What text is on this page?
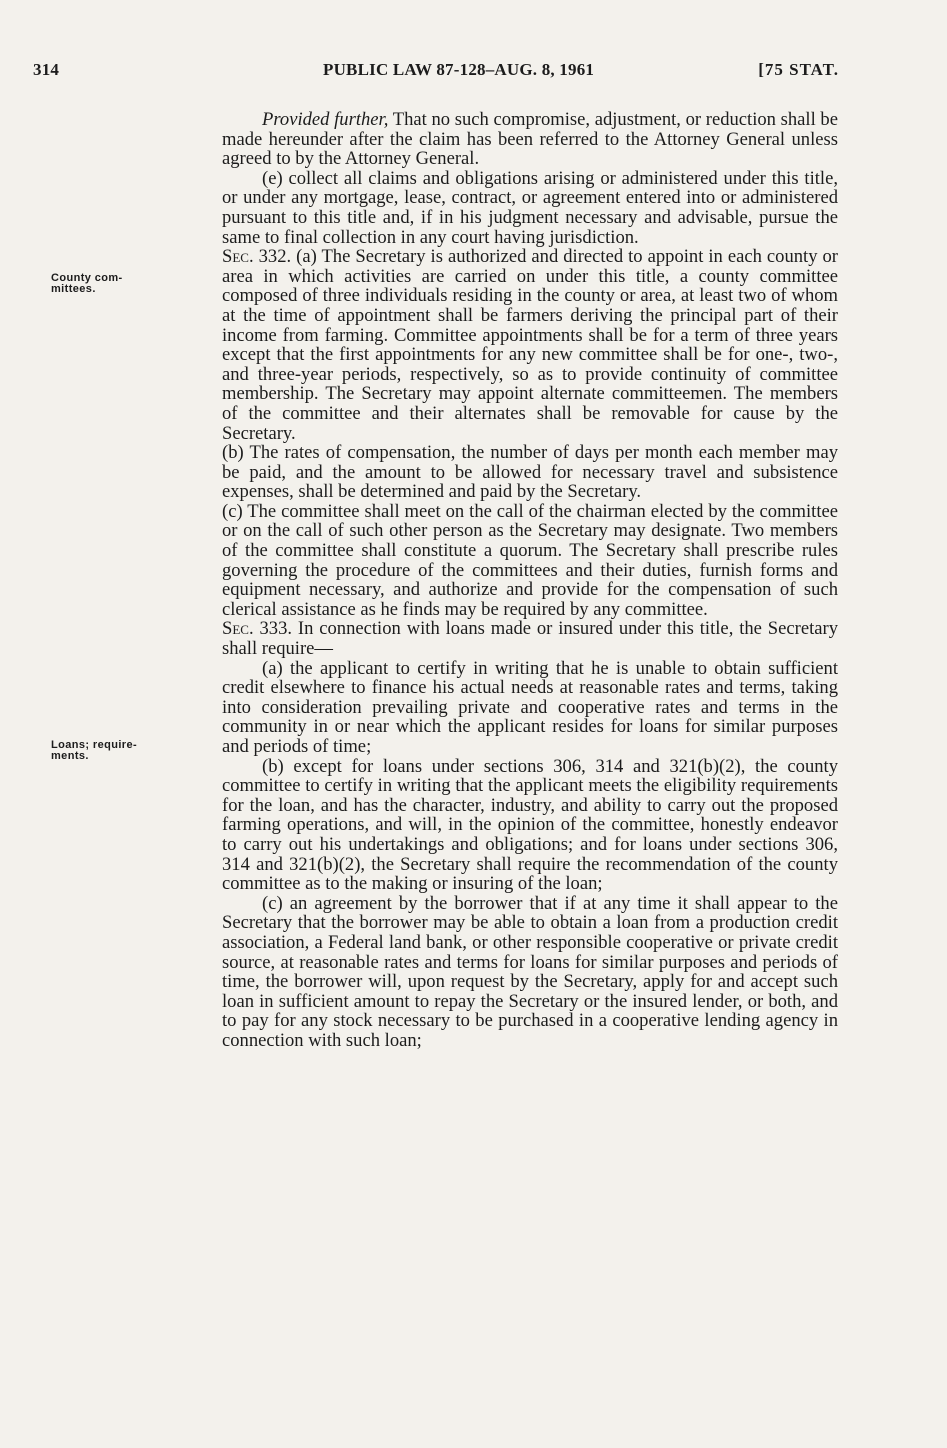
314	PUBLIC LAW 87-128–AUG. 8, 1961	[75 STAT.
County com-
mittees.
Loans; require-
ments.

Provided further, That no such compromise, adjustment, or reduction shall be made hereunder after the claim has been referred to the Attorney General unless agreed to by the Attorney General.

(e) collect all claims and obligations arising or administered under this title, or under any mortgage, lease, contract, or agreement entered into or administered pursuant to this title and, if in his judgment necessary and advisable, pursue the same to final collection in any court having jurisdiction.

Sec. 332. (a) The Secretary is authorized and directed to appoint in each county or area in which activities are carried on under this title, a county committee composed of three individuals residing in the county or area, at least two of whom at the time of appointment shall be farmers deriving the principal part of their income from farming. Committee appointments shall be for a term of three years except that the first appointments for any new committee shall be for one-, two-, and three-year periods, respectively, so as to provide continuity of committee membership. The Secretary may appoint alternate committeemen. The members of the committee and their alternates shall be removable for cause by the Secretary.

(b) The rates of compensation, the number of days per month each member may be paid, and the amount to be allowed for necessary travel and subsistence expenses, shall be determined and paid by the Secretary.

(c) The committee shall meet on the call of the chairman elected by the committee or on the call of such other person as the Secretary may designate. Two members of the committee shall constitute a quorum. The Secretary shall prescribe rules governing the procedure of the committees and their duties, furnish forms and equipment necessary, and authorize and provide for the compensation of such clerical assistance as he finds may be required by any committee.

Sec. 333. In connection with loans made or insured under this title, the Secretary shall require—

(a) the applicant to certify in writing that he is unable to obtain sufficient credit elsewhere to finance his actual needs at reasonable rates and terms, taking into consideration prevailing private and cooperative rates and terms in the community in or near which the applicant resides for loans for similar purposes and periods of time;

(b) except for loans under sections 306, 314 and 321(b)(2), the county committee to certify in writing that the applicant meets the eligibility requirements for the loan, and has the character, industry, and ability to carry out the proposed farming operations, and will, in the opinion of the committee, honestly endeavor to carry out his undertakings and obligations; and for loans under sections 306, 314 and 321(b)(2), the Secretary shall require the recommendation of the county committee as to the making or insuring of the loan;

(c) an agreement by the borrower that if at any time it shall appear to the Secretary that the borrower may be able to obtain a loan from a production credit association, a Federal land bank, or other responsible cooperative or private credit source, at reasonable rates and terms for loans for similar purposes and periods of time, the borrower will, upon request by the Secretary, apply for and accept such loan in sufficient amount to repay the Secretary or the insured lender, or both, and to pay for any stock necessary to be purchased in a cooperative lending agency in connection with such loan;
